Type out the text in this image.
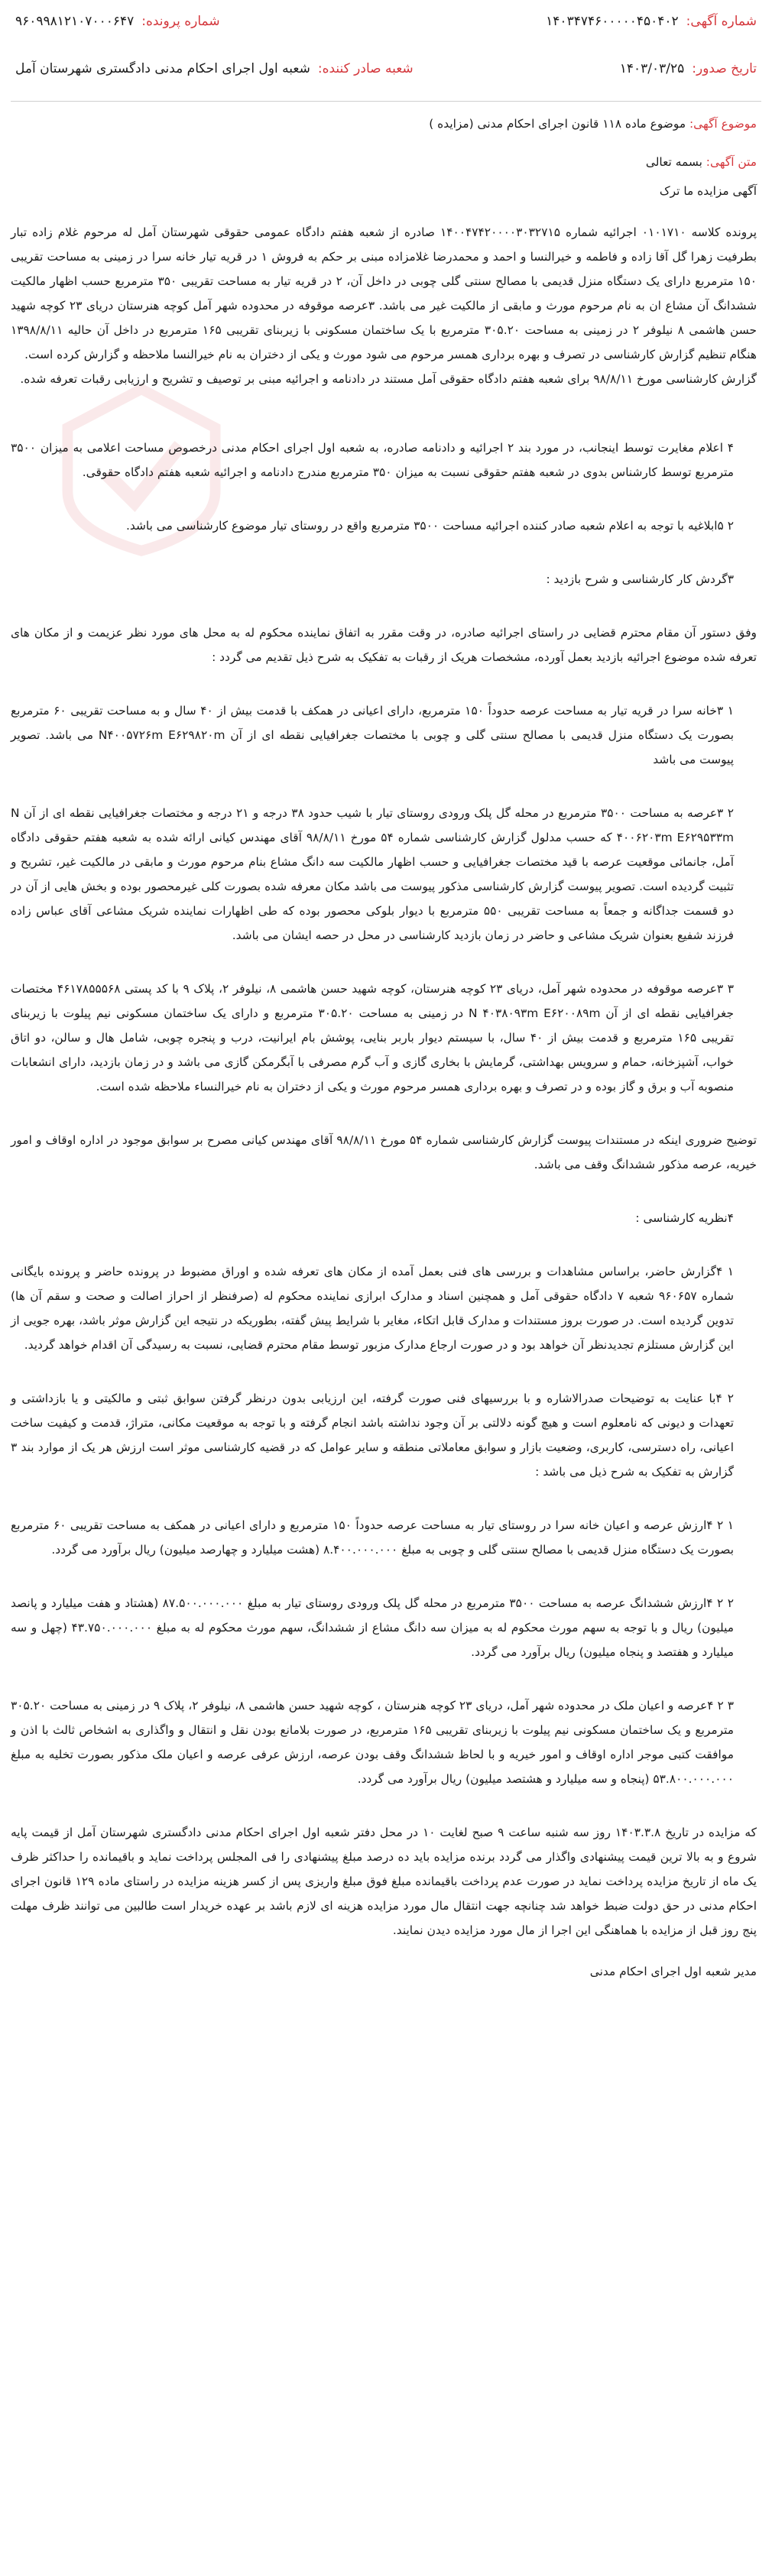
شماره آگهی:
۱۴۰۳۴۷۴۶۰۰۰۰۰۴۵۰۴۰۲
شماره پرونده:
۹۶۰۹۹۸۱۲۱۰۷۰۰۰۶۴۷
تاریخ صدور:
۱۴۰۳/۰۳/۲۵
شعبه صادر کننده:
شعبه اول اجرای احکام مدنی دادگستری شهرستان آمل
موضوع آگهی: موضوع ماده ۱۱۸ قانون اجرای احکام مدنی (مزایده )
متن آگهی: بسمه تعالی

آگهی مزایده ما ترک

پرونده کلاسه ۰۱۰۱۷۱۰ اجرائیه شماره ۱۴۰۰۴۷۴۲۰۰۰۰۳۰۳۲۷۱۵ صادره از شعبه هفتم دادگاه عمومی حقوقی شهرستان آمل له مرحوم غلام زاده تبار بطرفیت زهرا گل آقا زاده و فاطمه و خیرالنسا و احمد و محمدرضا غلامزاده مبنی بر حکم به فروش ۱ در قریه تیار خانه سرا در زمینی به مساحت تقریبی ۱۵۰ مترمربع دارای یک دستگاه منزل قدیمی با مصالح سنتی گلی چوبی در داخل آن، ۲ در قریه تیار به مساحت تقریبی ۳۵۰ مترمربع حسب اظهار مالکیت ششدانگ آن مشاع ان به نام مرحوم مورث و مابقی از مالکیت غیر می باشد. ۳عرصه موقوفه در محدوده شهر آمل کوچه هنرستان دریای ۲۳ کوچه شهید حسن هاشمی ۸ نیلوفر ۲ در زمینی به مساحت ۳۰۵.۲۰ مترمربع با یک ساختمان مسکونی با زیربنای تقریبی ۱۶۵ مترمربع در داخل آن حالیه ۱۳۹۸/۸/۱۱ هنگام تنظیم گزارش کارشناسی در تصرف و بهره برداری همسر مرحوم می شود مورث و یکی از دختران به نام خیرالنسا ملاحظه و گزارش کرده است.

گزارش کارشناسی مورخ ۹۸/۸/۱۱ برای شعبه هفتم دادگاه حقوقی آمل مستند در دادنامه و اجرائیه مبنی بر توصیف و تشریح و ارزیابی رقبات تعرفه شده.

۴ اعلام مغایرت توسط اینجانب، در مورد بند ۲ اجرائیه و دادنامه صادره، به شعبه اول اجرای احکام مدنی درخصوص مساحت اعلامی به میزان ۳۵۰۰ مترمربع توسط کارشناس بدوی در شعبه هفتم حقوقی نسبت به میزان ۳۵۰ مترمربع مندرج دادنامه و اجرائیه شعبه هفتم دادگاه حقوقی.

۲ ۵ابلاغیه با توجه به اعلام شعبه صادر کننده اجرائیه مساحت ۳۵۰۰ مترمربع واقع در روستای تیار موضوع کارشناسی می باشد.

۳گردش کار کارشناسی و شرح بازدید :

وفق دستور آن مقام محترم قضایی در راستای اجرائیه صادره، در وقت مقرر به اتفاق نماینده محکوم له به محل های مورد نظر عزیمت و از مکان های تعرفه شده موضوع اجرائیه بازدید بعمل آورده، مشخصات هریک از رقبات به تفکیک به شرح ذیل تقدیم می گردد :

۱ ۳خانه سرا در قریه تیار به مساحت عرصه حدوداً ۱۵۰ مترمربع، دارای اعیانی در همکف با قدمت بیش از ۴۰ سال و به مساحت تقریبی ۶۰ مترمربع بصورت یک دستگاه منزل قدیمی با مصالح سنتی گلی و چوبی با مختصات جغرافیایی نقطه ای از آن N۴۰۰۵۷۲۶m E۶۲۹۸۲۰m می باشد. تصویر پیوست می باشد

۲ ۳عرصه به مساحت ۳۵۰۰ مترمربع در محله گل پلک ورودی روستای تیار با شیب حدود ۳۸ درجه و ۲۱ درجه و مختصات جغرافیایی نقطه ای از آن N ۴۰۰۶۲۰۳m E۶۲۹۵۳۳m که حسب مدلول گزارش کارشناسی شماره ۵۴ مورخ ۹۸/۸/۱۱ آقای مهندس کیانی ارائه شده به شعبه هفتم حقوقی دادگاه آمل، جانمائی موقعیت عرصه با قید مختصات جغرافیایی و حسب اظهار مالکیت سه دانگ مشاع بنام مرحوم مورث و مابقی در مالکیت غیر، تشریح و تثبیت گردیده است. تصویر پیوست گزارش کارشناسی مذکور پیوست می باشد مکان معرفه شده بصورت کلی غیرمحصور بوده و بخش هایی از آن در دو قسمت جداگانه و جمعاً به مساحت تقریبی ۵۵۰ مترمربع با دیوار بلوکی محصور بوده که طی اظهارات نماینده شریک مشاعی آقای عباس زاده فرزند شفیع بعنوان شریک مشاعی و حاضر در زمان بازدید کارشناسی در محل در حصه ایشان می باشد.

۳ ۳عرصه موقوفه در محدوده شهر آمل، دریای ۲۳ کوچه هنرستان، کوچه شهید حسن هاشمی ۸، نیلوفر ۲، پلاک ۹ با کد پستی ۴۶۱۷۸۵۵۵۶۸ مختصات جغرافیایی نقطه ای از آن N ۴۰۳۸۰۹۳m E۶۲۰۰۸۹m در زمینی به مساحت ۳۰۵.۲۰ مترمربع و دارای یک ساختمان مسکونی نیم پیلوت با زیربنای تقریبی ۱۶۵ مترمربع و قدمت بیش از ۴۰ سال، با سیستم دیوار باربر بنایی، پوشش بام ایرانیت، درب و پنجره چوبی، شامل هال و سالن، دو اتاق خواب، آشپزخانه، حمام و سرویس بهداشتی، گرمایش با بخاری گازی و آب گرم مصرفی با آبگرمکن گازی می باشد و در زمان بازدید، دارای انشعابات منصوبه آب و برق و گاز بوده و در تصرف و بهره برداری همسر مرحوم مورث و یکی از دختران به نام خیرالنساء ملاحظه شده است.

توضیح ضروری اینکه در مستندات پیوست گزارش کارشناسی شماره ۵۴ مورخ ۹۸/۸/۱۱ آقای مهندس کیانی مصرح بر سوابق موجود در اداره اوقاف و امور خیریه، عرصه مذکور ششدانگ وقف می باشد.

۴نظریه کارشناسی :

۱ ۴گزارش حاضر، براساس مشاهدات و بررسی های فنی بعمل آمده از مکان های تعرفه شده و اوراق مضبوط در پرونده حاضر و پرونده بایگانی شماره ۹۶۰۶۵۷ شعبه ۷ دادگاه حقوقی آمل و همچنین اسناد و مدارک ابرازی نماینده محکوم له (صرفنظر از احراز اصالت و صحت و سقم آن ها) تدوین گردیده است. در صورت بروز مستندات و مدارک قابل اتکاء، مغایر با شرایط پیش گفته، بطوریکه در نتیجه این گزارش موثر باشد، بهره جویی از این گزارش مستلزم تجدیدنظر آن خواهد بود و در صورت ارجاع مدارک مزبور توسط مقام محترم قضایی، نسبت به رسیدگی آن اقدام خواهد گردید.

۲ ۴با عنایت به توضیحات صدرالاشاره و با بررسیهای فنی صورت گرفته، این ارزیابی بدون درنظر گرفتن سوابق ثبتی و مالکیتی و یا بازداشتی و تعهدات و دیونی که نامعلوم است و هیچ گونه دلالتی بر آن وجود نداشته باشد انجام گرفته و با توجه به موقعیت مکانی، متراژ، قدمت و کیفیت ساخت اعیانی، راه دسترسی، کاربری، وضعیت بازار و سوابق معاملاتی منطقه و سایر عوامل که در قضیه کارشناسی موثر است ارزش هر یک از موارد بند ۳ گزارش به تفکیک به شرح ذیل می باشد :

۱ ۲ ۴ارزش عرصه و اعیان خانه سرا در روستای تیار به مساحت عرصه حدوداً ۱۵۰ مترمربع و دارای اعیانی در همکف به مساحت تقریبی ۶۰ مترمربع بصورت یک دستگاه منزل قدیمی با مصالح سنتی گلی و چوبی به مبلغ ۸.۴۰۰.۰۰۰.۰۰۰ (هشت میلیارد و چهارصد میلیون) ریال برآورد می گردد.

۲ ۲ ۴ارزش ششدانگ عرصه به مساحت ۳۵۰۰ مترمربع در محله گل پلک ورودی روستای تیار به مبلغ ۸۷.۵۰۰.۰۰۰.۰۰۰ (هشتاد و هفت میلیارد و پانصد میلیون) ریال و با توجه به سهم مورث محکوم له به میزان سه دانگ مشاع از ششدانگ، سهم مورث محکوم له به مبلغ ۴۳.۷۵۰.۰۰۰.۰۰۰ (چهل و سه میلیارد و هفتصد و پنجاه میلیون) ریال برآورد می گردد.

۳ ۲ ۴عرصه و اعیان ملک در محدوده شهر آمل، دریای ۲۳ کوچه هنرستان ، کوچه شهید حسن هاشمی ۸، نیلوفر ۲، پلاک ۹ در زمینی به مساحت ۳۰۵.۲۰ مترمربع و یک ساختمان مسکونی نیم پیلوت با زیربنای تقریبی ۱۶۵ مترمربع، در صورت بلامانع بودن نقل و انتقال و واگذاری به اشخاص ثالث با اذن و موافقت کتبی موجر اداره اوقاف و امور خیریه و با لحاظ ششدانگ وقف بودن عرصه، ارزش عرفی عرصه و اعیان ملک مذکور بصورت تخلیه به مبلغ ۵۳.۸۰۰.۰۰۰.۰۰۰ (پنجاه و سه میلیارد و هشتصد میلیون) ریال برآورد می گردد.

که مزایده در تاریخ ۱۴۰۳.۳.۸ روز سه شنبه ساعت ۹ صبح لغایت ۱۰ در محل دفتر شعبه اول اجرای احکام مدنی دادگستری شهرستان آمل از قیمت پایه شروع و به بالا ترین قیمت پیشنهادی واگذار می گردد برنده مزایده باید ده درصد مبلغ پیشنهادی را فی المجلس پرداخت نماید و باقیمانده را حداکثر ظرف یک ماه از تاریخ مزایده پرداخت نماید در صورت عدم پرداخت باقیمانده مبلغ فوق مبلغ واریزی پس از کسر هزینه مزایده در راستای ماده ۱۲۹ قانون اجرای احکام مدنی در حق دولت ضبط خواهد شد چنانچه جهت انتقال مال مورد مزایده هزینه ای لازم باشد بر عهده خریدار است طالبین می توانند ظرف مهلت پنج روز قبل از مزایده با هماهنگی این اجرا از مال مورد مزایده دیدن نمایند.

مدیر شعبه اول اجرای احکام مدنی
